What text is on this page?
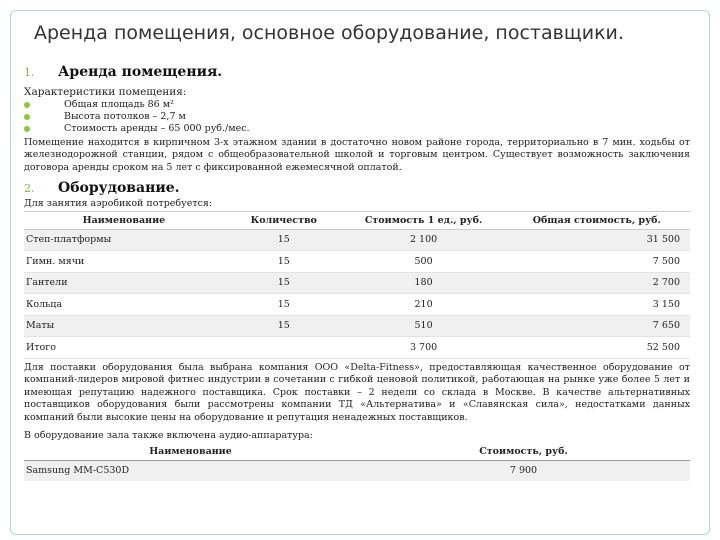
Аренда помещения, основное оборудование, поставщики.
1.	Аренда помещения.

Характеристики помещения:

Общая площадь 86 м²
Высота потолков – 2,7 м
Стоимость аренды – 65 000 руб./мес.

Помещение находится в кирпичном 3-х этажном здании в достаточно новом районе города, территориально в 7 мин. ходьбы от железнодорожной станции, рядом с общеобразовательной школой и торговым центром. Существует возможность заключения договора аренды сроком на 5 лет с фиксированной ежемесячной оплатой.

2.	Оборудование.

Для занятия аэробикой потребуется:

Наименование	Количество	Стоимость 1 ед., руб.	Общая стоимость, руб.
Степ-платформы	15	2 100	31 500
Гимн. мячи	15	500	7 500
Гантели	15	180	2 700
Кольца	15	210	3 150
Маты	15	510	7 650
Итого		3 700	52 500

Для поставки оборудования была выбрана компания ООО «Delta-Fitness», предоставляющая качественное оборудование от компаний-лидеров мировой фитнес индустрии в сочетании с гибкой ценовой политикой, работающая на рынке уже более 5 лет и имеющая репутацию надежного поставщика. Срок поставки – 2 недели со склада в Москве. В качестве альтернативных поставщиков оборудования были рассмотрены компании ТД «Альтернатива» и «Славянская сила», недостатками данных компаний были высокие цены на оборудование и репутация ненадежных поставщиков.

В оборудование зала также включена аудио-аппаратура:

Наименование	Стоимость, руб.
Samsung MM-C530D	7 900
